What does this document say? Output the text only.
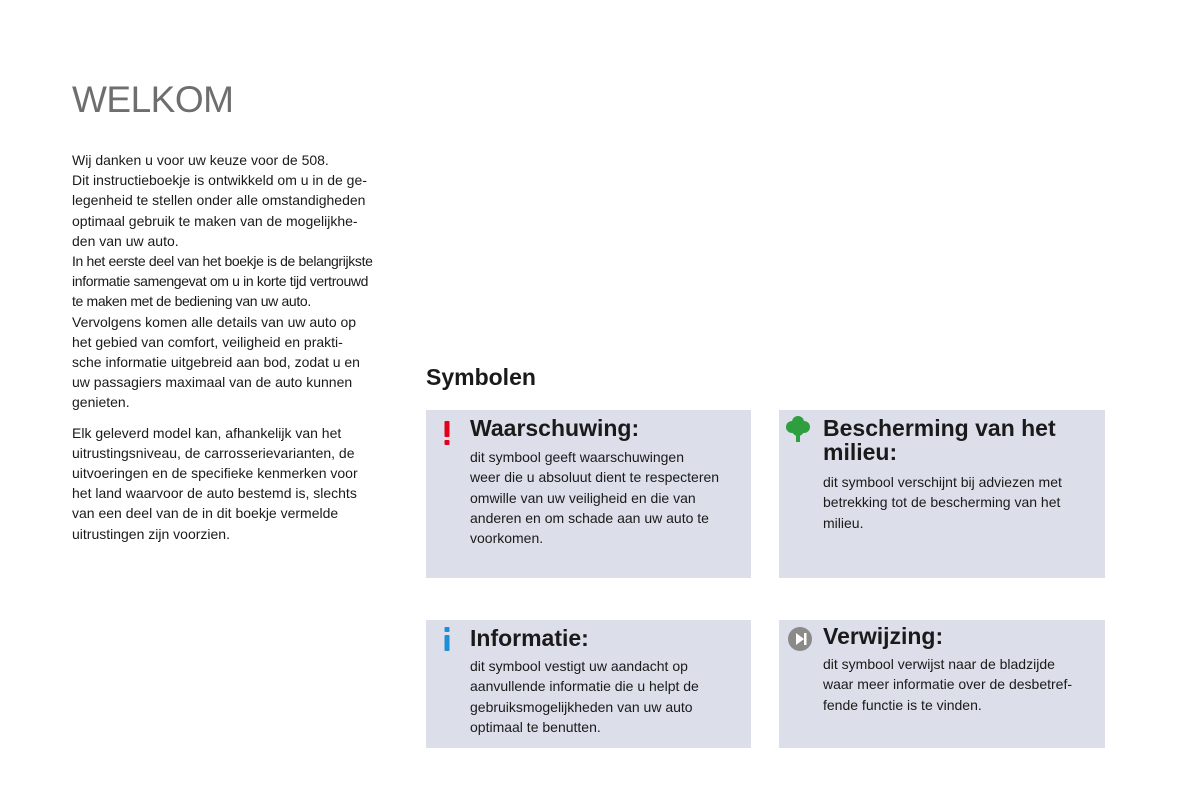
WELKOM
Wij danken u voor uw keuze voor de 508.
Dit instructieboekje is ontwikkeld om u in de ge-
legenheid te stellen onder alle omstandigheden
optimaal gebruik te maken van de mogelijkhe-
den van uw auto.
In het eerste deel van het boekje is de belangrijkste
informatie samengevat om u in korte tijd vertrouwd
te maken met de bediening van uw auto.
Vervolgens komen alle details van uw auto op
het gebied van comfort, veiligheid en prakti-
sche informatie uitgebreid aan bod, zodat u en
uw passagiers maximaal van de auto kunnen
genieten.
Elk geleverd model kan, afhankelijk van het
uitrustingsniveau, de carrosserievarianten, de
uitvoeringen en de specifieke kenmerken voor
het land waarvoor de auto bestemd is, slechts
van een deel van de in dit boekje vermelde
uitrustingen zijn voorzien.
Symbolen
Waarschuwing:
dit symbool geeft waarschuwingen
weer die u absoluut dient te respecteren
omwille van uw veiligheid en die van
anderen en om schade aan uw auto te
voorkomen.
Bescherming van het
milieu:
dit symbool verschijnt bij adviezen met
betrekking tot de bescherming van het
milieu.
Informatie:
dit symbool vestigt uw aandacht op
aanvullende informatie die u helpt de
gebruiksmogelijkheden van uw auto
optimaal te benutten.
Verwijzing:
dit symbool verwijst naar de bladzijde
waar meer informatie over de desbetref-
fende functie is te vinden.
